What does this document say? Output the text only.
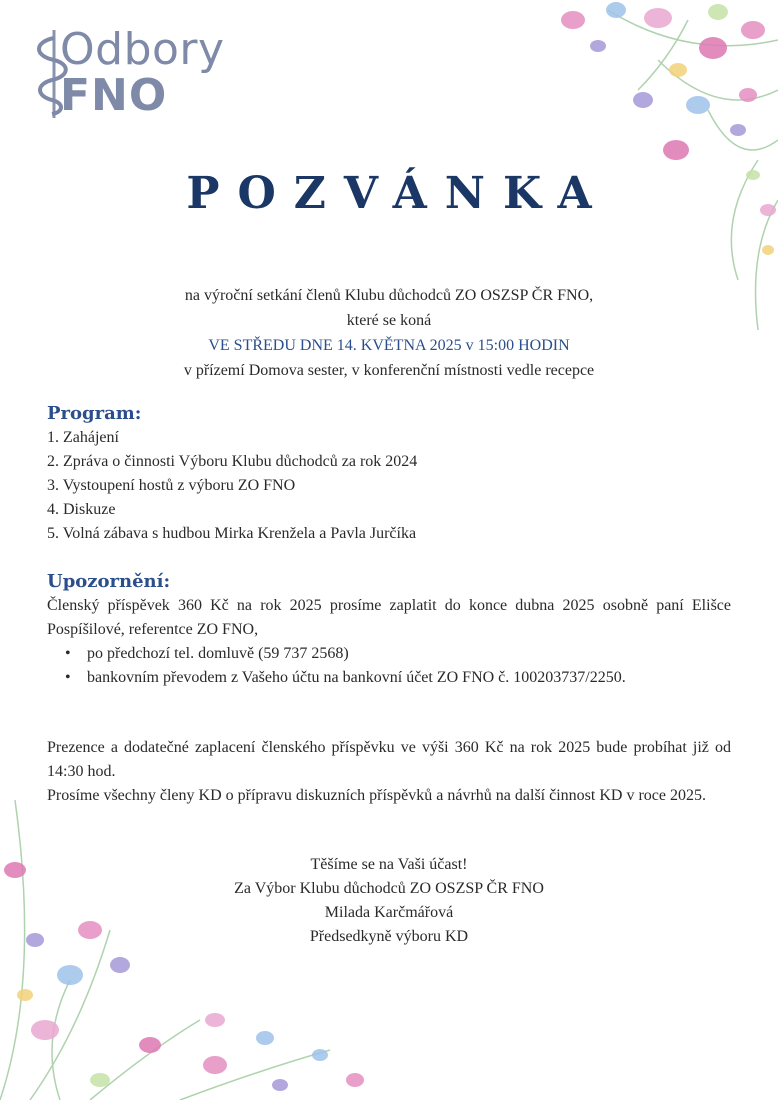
Odbory
FNO
POZVÁNKA
na výroční setkání členů Klubu důchodců ZO OSZSP ČR FNO,
které se koná
VE STŘEDU DNE 14. KVĚTNA 2025 v 15:00 HODIN
v přízemí Domova sester, v konferenční místnosti vedle recepce
Program:
1. Zahájení
2. Zpráva o činnosti Výboru Klubu důchodců za rok 2024
3. Vystoupení hostů z výboru ZO FNO
4. Diskuze
5. Volná zábava s hudbou Mirka Krenžela a Pavla Jurčíka
Upozornění:

Členský příspěvek 360 Kč na rok 2025 prosíme zaplatit do konce dubna 2025 osobně paní Elišce Pospíšilové, referentce ZO FNO,

• po předchozí tel. domluvě (59 737 2568)
• bankovním převodem z Vašeho účtu na bankovní účet ZO FNO č. 100203737/2250.

Prezence a dodatečné zaplacení členského příspěvku ve výši 360 Kč na rok 2025 bude probíhat již od 14:30 hod.

Prosíme všechny členy KD o přípravu diskuzních příspěvků a návrhů na další činnost KD v roce 2025.

Těšíme se na Vaši účast!
Za Výbor Klubu důchodců ZO OSZSP ČR FNO
Milada Karčmářová
Předsedkyně výboru KD
